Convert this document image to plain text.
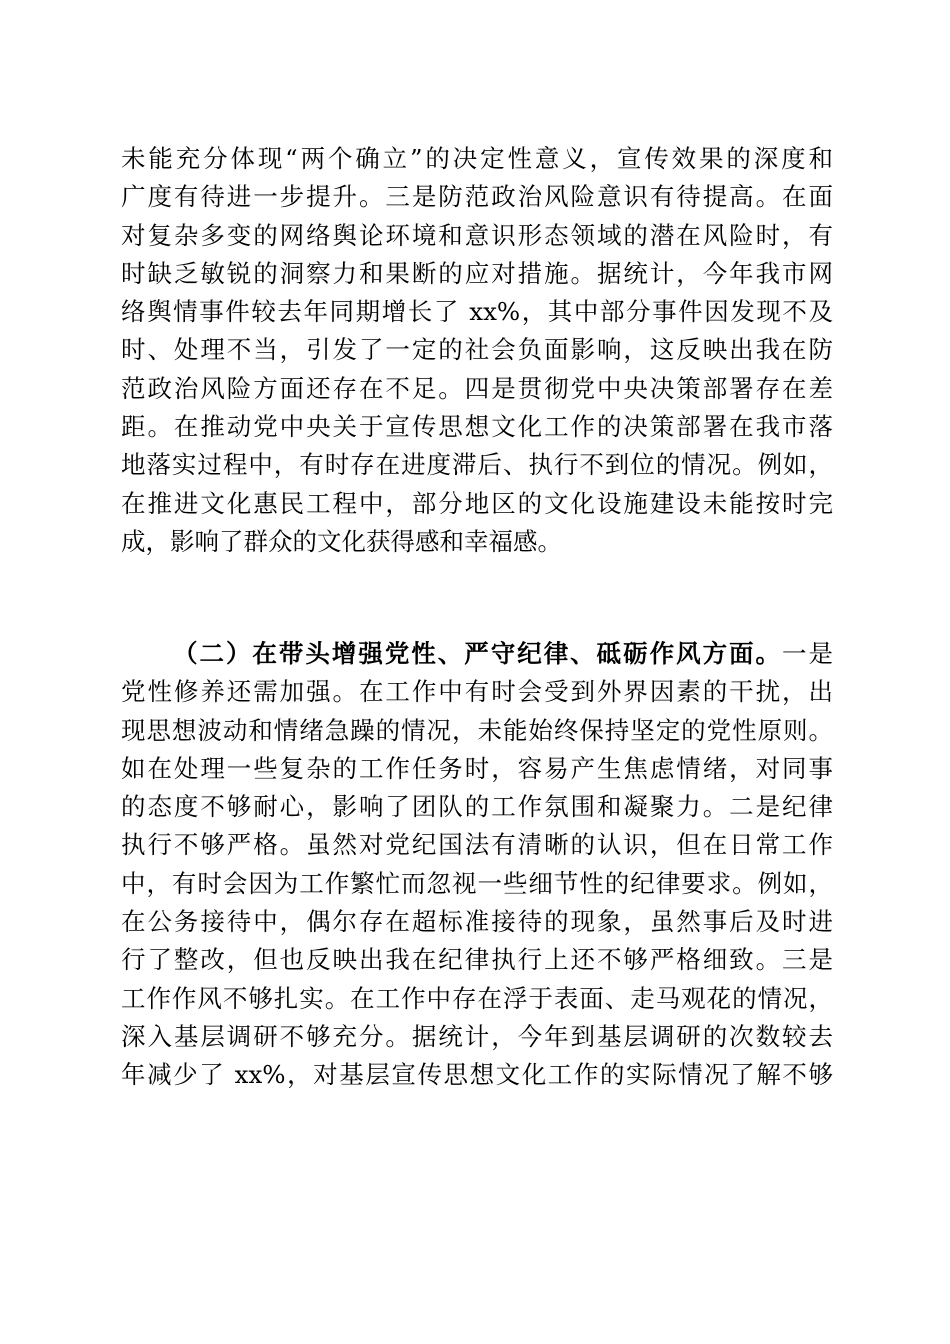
未能充分体现“两个确立”的决定性意义，宣传效果的深度和
广度有待进一步提升。三是防范政治风险意识有待提高。在面
对复杂多变的网络舆论环境和意识形态领域的潜在风险时，有
时缺乏敏锐的洞察力和果断的应对措施。据统计，今年我市网
络舆情事件较去年同期增长了 xx%，其中部分事件因发现不及
时、处理不当，引发了一定的社会负面影响，这反映出我在防
范政治风险方面还存在不足。四是贯彻党中央决策部署存在差
距。在推动党中央关于宣传思想文化工作的决策部署在我市落
地落实过程中，有时存在进度滞后、执行不到位的情况。例如，
在推进文化惠民工程中，部分地区的文化设施建设未能按时完
成，影响了群众的文化获得感和幸福感。
（二）在带头增强党性、严守纪律、砥砺作风方面。一是
党性修养还需加强。在工作中有时会受到外界因素的干扰，出
现思想波动和情绪急躁的情况，未能始终保持坚定的党性原则。
如在处理一些复杂的工作任务时，容易产生焦虑情绪，对同事
的态度不够耐心，影响了团队的工作氛围和凝聚力。二是纪律
执行不够严格。虽然对党纪国法有清晰的认识，但在日常工作
中，有时会因为工作繁忙而忽视一些细节性的纪律要求。例如，
在公务接待中，偶尔存在超标准接待的现象，虽然事后及时进
行了整改，但也反映出我在纪律执行上还不够严格细致。三是
工作作风不够扎实。在工作中存在浮于表面、走马观花的情况，
深入基层调研不够充分。据统计，今年到基层调研的次数较去
年减少了 xx%，对基层宣传思想文化工作的实际情况了解不够
